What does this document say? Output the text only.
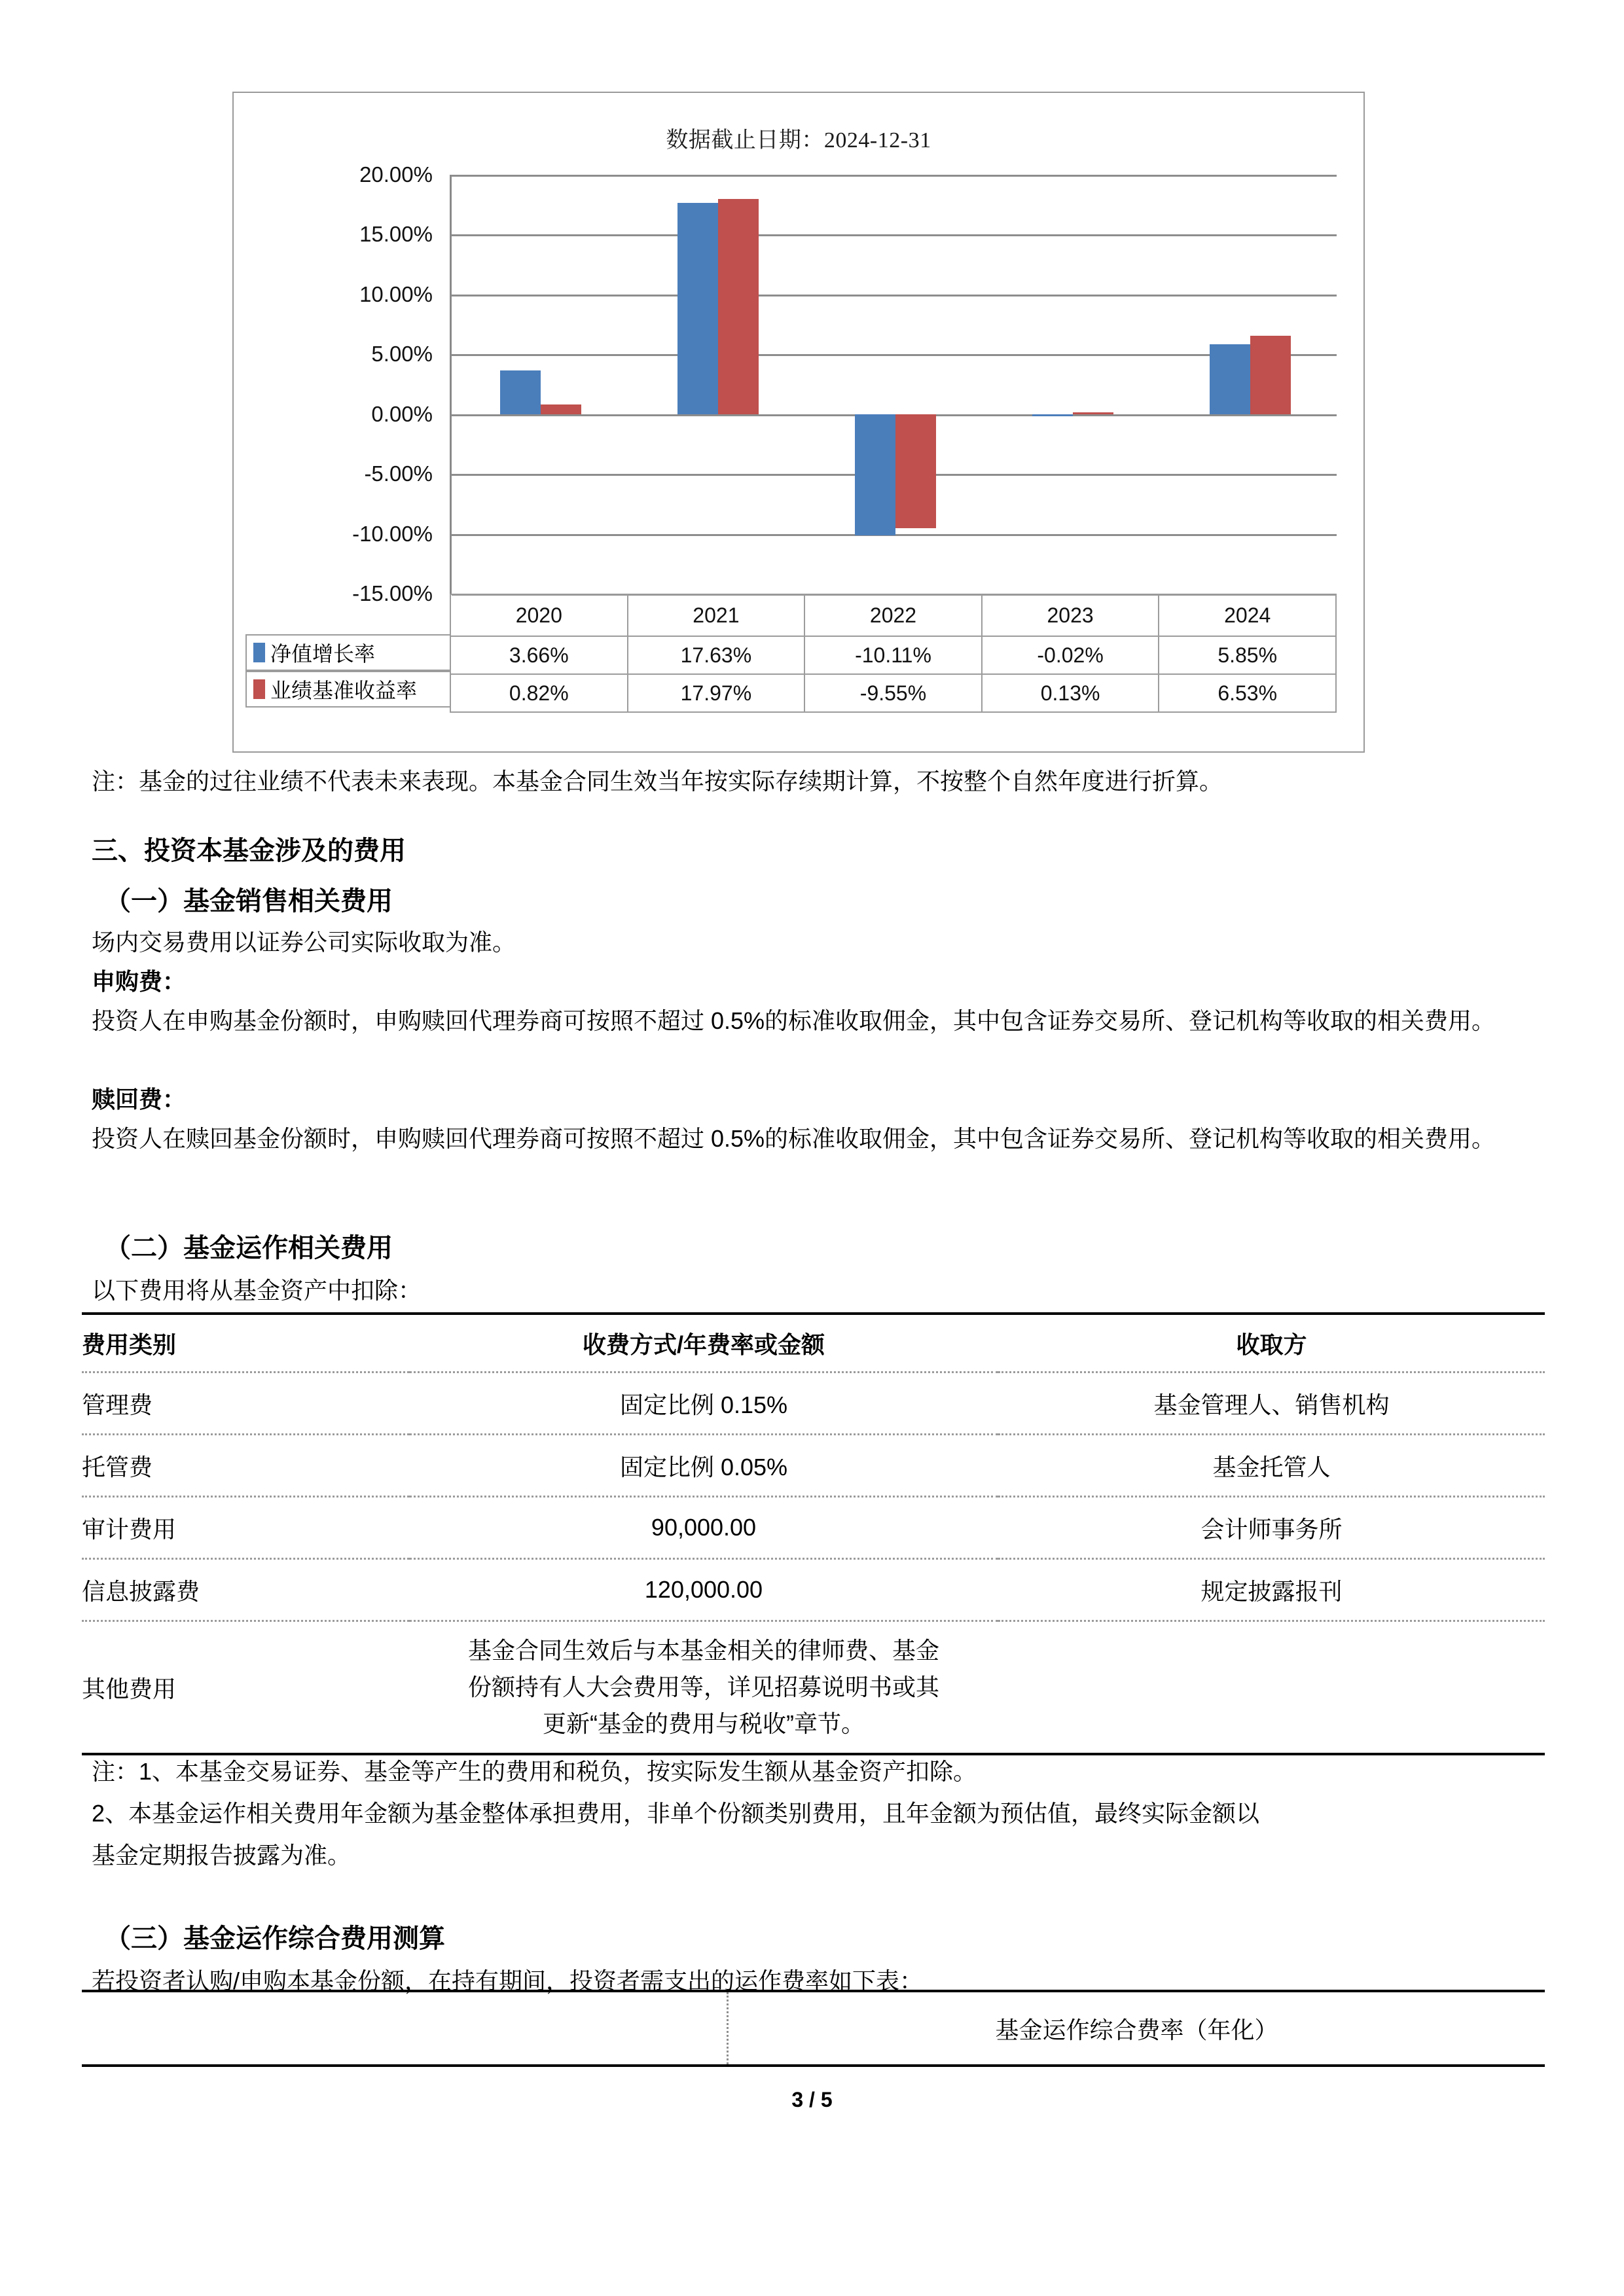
数据截止日期：2024-12-31
20.00%
15.00%
10.00%
5.00%
0.00%
-5.00%
-10.00%
-15.00%
2020	2021	2022	2023	2024
3.66%	17.63%	-10.11%	-0.02%	5.85%
0.82%	17.97%	-9.55%	0.13%	6.53%
净值增长率
业绩基准收益率
注：基金的过往业绩不代表未来表现。本基金合同生效当年按实际存续期计算，不按整个自然年度进行折算。
三、投资本基金涉及的费用
（一）基金销售相关费用
场内交易费用以证券公司实际收取为准。
申购费：
投资人在申购基金份额时，申购赎回代理券商可按照不超过 0.5%的标准收取佣金，其中包含证券交易所、登记机构等收取的相关费用。
赎回费：
投资人在赎回基金份额时，申购赎回代理券商可按照不超过 0.5%的标准收取佣金，其中包含证券交易所、登记机构等收取的相关费用。
（二）基金运作相关费用
以下费用将从基金资产中扣除：
费用类别	收费方式/年费率或金额	收取方
管理费	固定比例 0.15%	基金管理人、销售机构
托管费	固定比例 0.05%	基金托管人
审计费用	90,000.00	会计师事务所
信息披露费	120,000.00	规定披露报刊
其他费用	基金合同生效后与本基金相关的律师费、基金
份额持有人大会费用等，详见招募说明书或其
更新“基金的费用与税收”章节。	

注：1、本基金交易证券、基金等产生的费用和税负，按实际发生额从基金资产扣除。
2、本基金运作相关费用年金额为基金整体承担费用，非单个份额类别费用，且年金额为预估值，最终实际金额以
基金定期报告披露为准。
（三）基金运作综合费用测算
若投资者认购/申购本基金份额，在持有期间，投资者需支出的运作费率如下表：
	基金运作综合费率（年化）
3 / 5
